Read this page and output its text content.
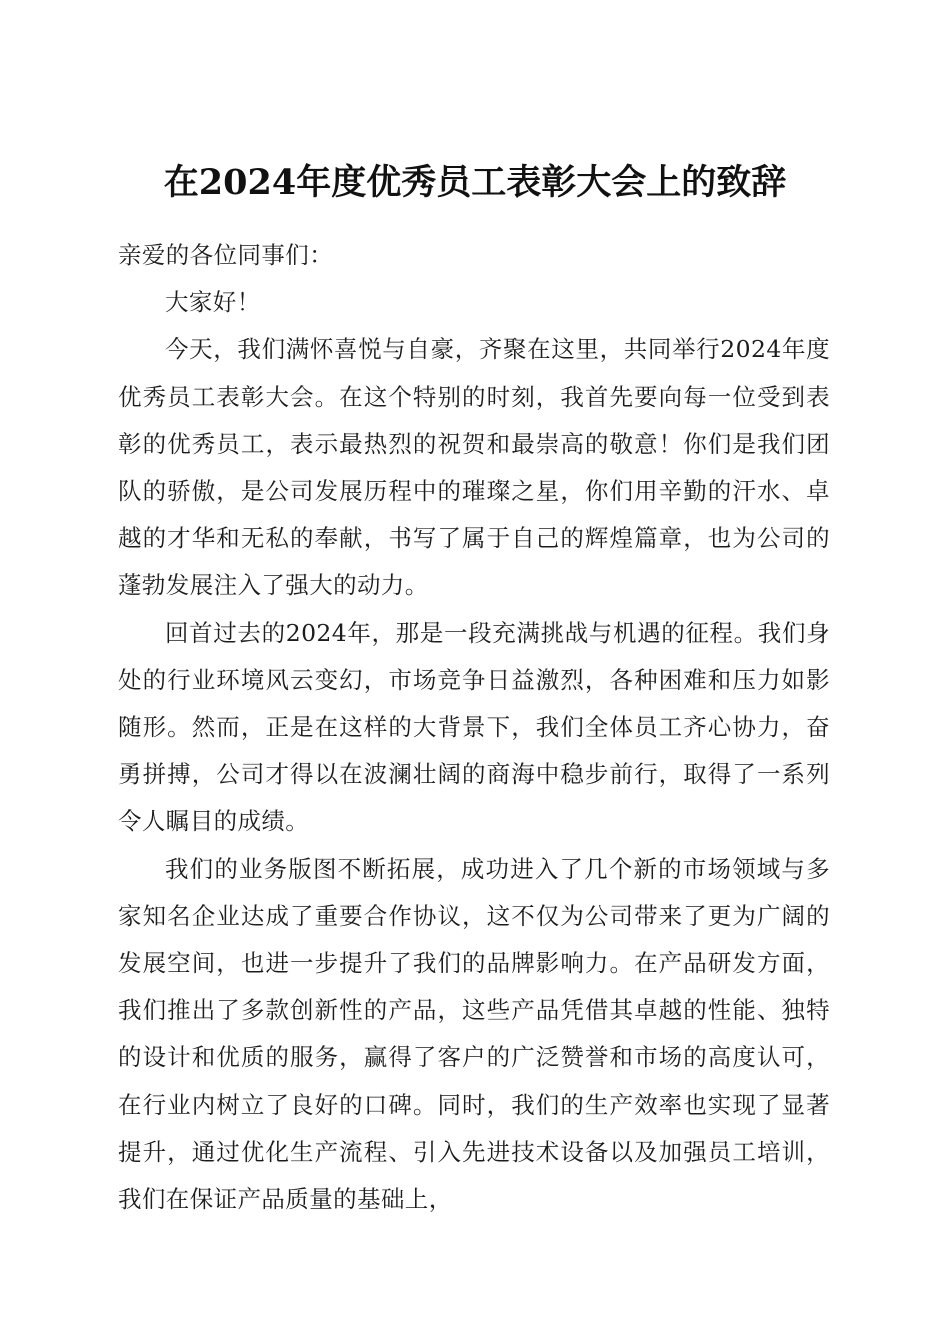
在2024年度优秀员工表彰大会上的致辞

亲爱的各位同事们：

大家好！

今天，我们满怀喜悦与自豪，齐聚在这里，共同举行2024年度优秀员工表彰大会。在这个特别的时刻，我首先要向每一位受到表彰的优秀员工，表示最热烈的祝贺和最崇高的敬意！你们是我们团队的骄傲，是公司发展历程中的璀璨之星，你们用辛勤的汗水、卓越的才华和无私的奉献，书写了属于自己的辉煌篇章，也为公司的蓬勃发展注入了强大的动力。

回首过去的2024年，那是一段充满挑战与机遇的征程。我们身处的行业环境风云变幻，市场竞争日益激烈，各种困难和压力如影随形。然而，正是在这样的大背景下，我们全体员工齐心协力，奋勇拼搏，公司才得以在波澜壮阔的商海中稳步前行，取得了一系列令人瞩目的成绩。

我们的业务版图不断拓展，成功进入了几个新的市场领域与多家知名企业达成了重要合作协议，这不仅为公司带来了更为广阔的发展空间，也进一步提升了我们的品牌影响力。在产品研发方面，我们推出了多款创新性的产品，这些产品凭借其卓越的性能、独特的设计和优质的服务，赢得了客户的广泛赞誉和市场的高度认可，在行业内树立了良好的口碑。同时，我们的生产效率也实现了显著提升，通过优化生产流程、引入先进技术设备以及加强员工培训，我们在保证产品质量的基础上，
